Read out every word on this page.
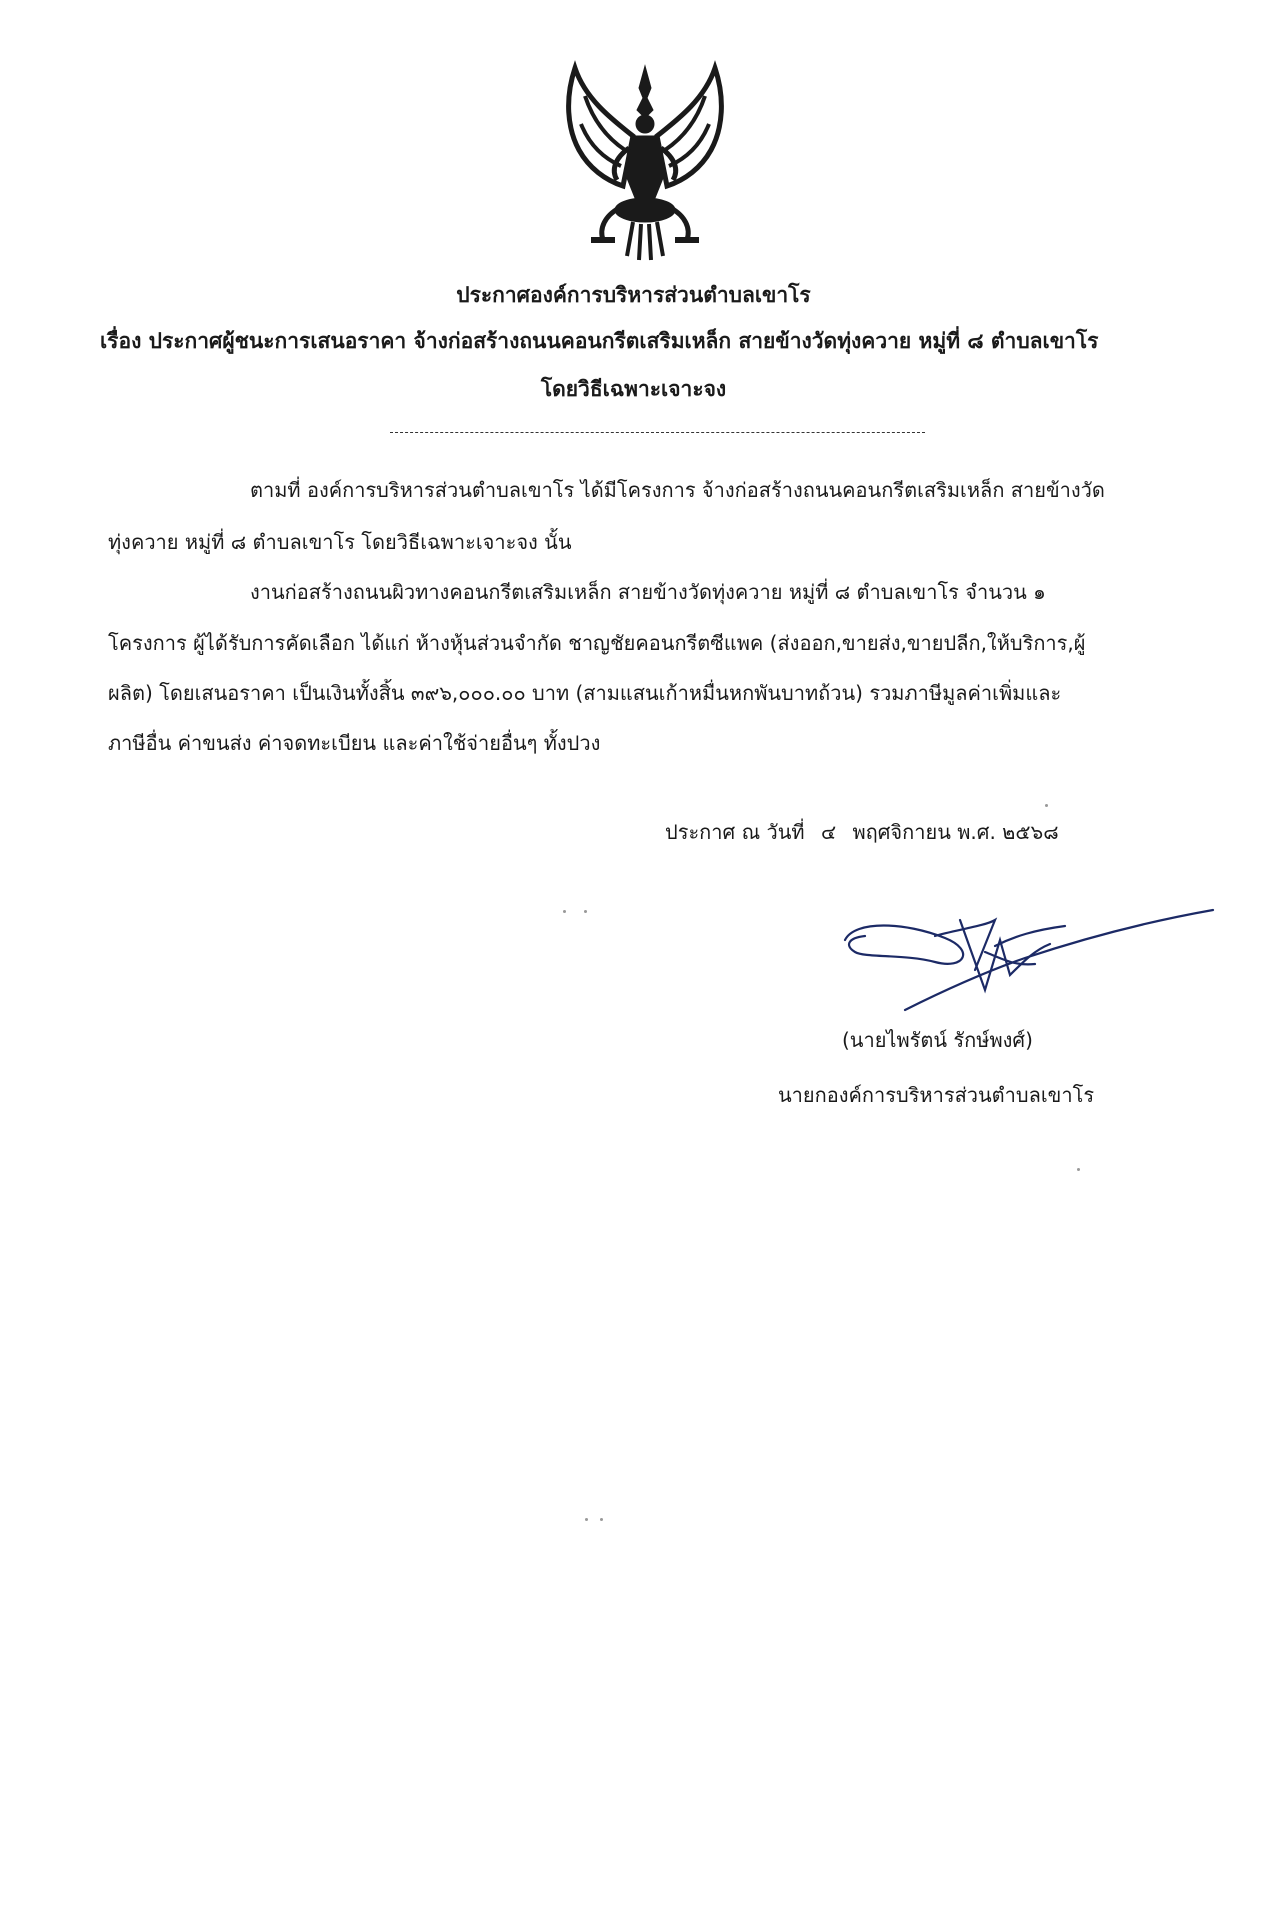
ประกาศองค์การบริหารส่วนตำบลเขาโร
เรื่อง ประกาศผู้ชนะการเสนอราคา จ้างก่อสร้างถนนคอนกรีตเสริมเหล็ก สายข้างวัดทุ่งควาย หมู่ที่ ๘ ตำบลเขาโร
โดยวิธีเฉพาะเจาะจง
ตามที่ องค์การบริหารส่วนตำบลเขาโร ได้มีโครงการ จ้างก่อสร้างถนนคอนกรีตเสริมเหล็ก สายข้างวัด
ทุ่งควาย หมู่ที่ ๘ ตำบลเขาโร โดยวิธีเฉพาะเจาะจง นั้น
งานก่อสร้างถนนผิวทางคอนกรีตเสริมเหล็ก สายข้างวัดทุ่งควาย หมู่ที่ ๘ ตำบลเขาโร จำนวน ๑
โครงการ ผู้ได้รับการคัดเลือก ได้แก่ ห้างหุ้นส่วนจำกัด ชาญชัยคอนกรีตซีแพค (ส่งออก,ขายส่ง,ขายปลีก,ให้บริการ,ผู้
ผลิต) โดยเสนอราคา เป็นเงินทั้งสิ้น ๓๙๖,๐๐๐.๐๐ บาท (สามแสนเก้าหมื่นหกพันบาทถ้วน) รวมภาษีมูลค่าเพิ่มและ
ภาษีอื่น ค่าขนส่ง ค่าจดทะเบียน และค่าใช้จ่ายอื่นๆ ทั้งปวง
ประกาศ ณ วันที่ ๔ พฤศจิกายน พ.ศ. ๒๕๖๘
(นายไพรัตน์ รักษ์พงศ์)
นายกองค์การบริหารส่วนตำบลเขาโร
